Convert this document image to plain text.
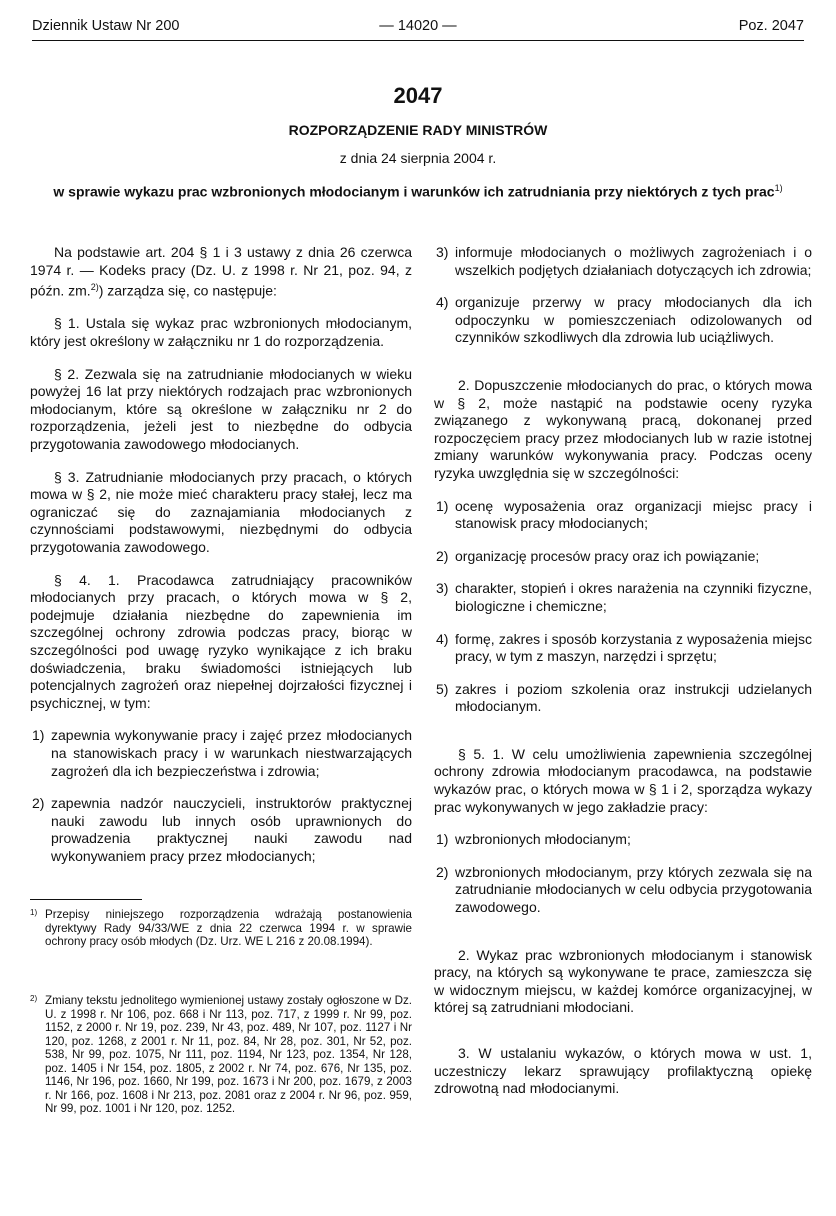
Dziennik Ustaw Nr 200	— 14020 —	Poz. 2047
2047
ROZPORZĄDZENIE RADY MINISTRÓW
z dnia 24 sierpnia 2004 r.
w sprawie wykazu prac wzbronionych młodocianym i warunków ich zatrudniania przy niektórych z tych prac$^{1)}$

Na podstawie art. 204 § 1 i 3 ustawy z dnia 26 czerwca 1974 r. — Kodeks pracy (Dz. U. z 1998 r. Nr 21, poz. 94, z późn. zm.$^{2)}$) zarządza się, co następuje:

§ 1. Ustala się wykaz prac wzbronionych młodocianym, który jest określony w załączniku nr 1 do rozporządzenia.

§ 2. Zezwala się na zatrudnianie młodocianych w wieku powyżej 16 lat przy niektórych rodzajach prac wzbronionych młodocianym, które są określone w załączniku nr 2 do rozporządzenia, jeżeli jest to niezbędne do odbycia przygotowania zawodowego młodocianych.

§ 3. Zatrudnianie młodocianych przy pracach, o których mowa w § 2, nie może mieć charakteru pracy stałej, lecz ma ograniczać się do zaznajamiania młodocianych z czynnościami podstawowymi, niezbędnymi do odbycia przygotowania zawodowego.

§ 4. 1. Pracodawca zatrudniający pracowników młodocianych przy pracach, o których mowa w § 2, podejmuje działania niezbędne do zapewnienia im szczególnej ochrony zdrowia podczas pracy, biorąc w szczególności pod uwagę ryzyko wynikające z ich braku doświadczenia, braku świadomości istniejących lub potencjalnych zagrożeń oraz niepełnej dojrzałości fizycznej i psychicznej, w tym:

1) zapewnia wykonywanie pracy i zajęć przez młodocianych na stanowiskach pracy i w warunkach niestwarzających zagrożeń dla ich bezpieczeństwa i zdrowia;

2) zapewnia nadzór nauczycieli, instruktorów praktycznej nauki zawodu lub innych osób uprawnionych do prowadzenia praktycznej nauki zawodu nad wykonywaniem pracy przez młodocianych;

3) informuje młodocianych o możliwych zagrożeniach i o wszelkich podjętych działaniach dotyczących ich zdrowia;

4) organizuje przerwy w pracy młodocianych dla ich odpoczynku w pomieszczeniach odizolowanych od czynników szkodliwych dla zdrowia lub uciążliwych.

2. Dopuszczenie młodocianych do prac, o których mowa w § 2, może nastąpić na podstawie oceny ryzyka związanego z wykonywaną pracą, dokonanej przed rozpoczęciem pracy przez młodocianych lub w razie istotnej zmiany warunków wykonywania pracy. Podczas oceny ryzyka uwzględnia się w szczególności:

1) ocenę wyposażenia oraz organizacji miejsc pracy i stanowisk pracy młodocianych;

2) organizację procesów pracy oraz ich powiązanie;

3) charakter, stopień i okres narażenia na czynniki fizyczne, biologiczne i chemiczne;

4) formę, zakres i sposób korzystania z wyposażenia miejsc pracy, w tym z maszyn, narzędzi i sprzętu;

5) zakres i poziom szkolenia oraz instrukcji udzielanych młodocianym.

§ 5. 1. W celu umożliwienia zapewnienia szczególnej ochrony zdrowia młodocianym pracodawca, na podstawie wykazów prac, o których mowa w § 1 i 2, sporządza wykazy prac wykonywanych w jego zakładzie pracy:

1) wzbronionych młodocianym;

2) wzbronionych młodocianym, przy których zezwala się na zatrudnianie młodocianych w celu odbycia przygotowania zawodowego.

2. Wykaz prac wzbronionych młodocianym i stanowisk pracy, na których są wykonywane te prace, zamieszcza się w widocznym miejscu, w każdej komórce organizacyjnej, w której są zatrudniani młodociani.

3. W ustalaniu wykazów, o których mowa w ust. 1, uczestniczy lekarz sprawujący profilaktyczną opiekę zdrowotną nad młodocianymi.

1) Przepisy niniejszego rozporządzenia wdrażają postanowienia dyrektywy Rady 94/33/WE z dnia 22 czerwca 1994 r. w sprawie ochrony pracy osób młodych (Dz. Urz. WE L 216 z 20.08.1994).
2) Zmiany tekstu jednolitego wymienionej ustawy zostały ogłoszone w Dz. U. z 1998 r. Nr 106, poz. 668 i Nr 113, poz. 717, z 1999 r. Nr 99, poz. 1152, z 2000 r. Nr 19, poz. 239, Nr 43, poz. 489, Nr 107, poz. 1127 i Nr 120, poz. 1268, z 2001 r. Nr 11, poz. 84, Nr 28, poz. 301, Nr 52, poz. 538, Nr 99, poz. 1075, Nr 111, poz. 1194, Nr 123, poz. 1354, Nr 128, poz. 1405 i Nr 154, poz. 1805, z 2002 r. Nr 74, poz. 676, Nr 135, poz. 1146, Nr 196, poz. 1660, Nr 199, poz. 1673 i Nr 200, poz. 1679, z 2003 r. Nr 166, poz. 1608 i Nr 213, poz. 2081 oraz z 2004 r. Nr 96, poz. 959, Nr 99, poz. 1001 i Nr 120, poz. 1252.
